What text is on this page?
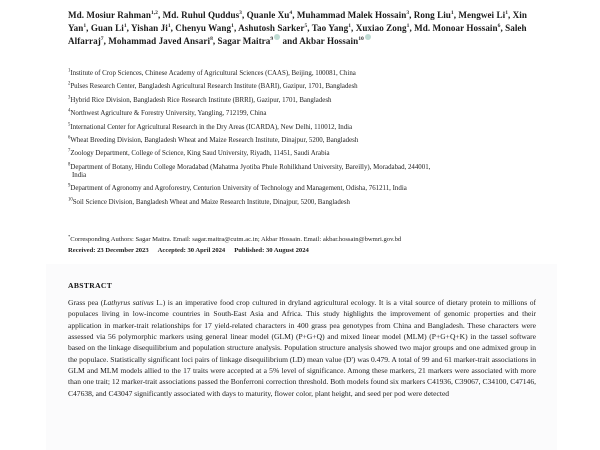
Md. Mosiur Rahman$^{1,2}$, Md. Ruhul Quddus$^3$, Quanle Xu$^4$, Muhammad Malek Hossain$^3$, Rong Liu$^1$, Mengwei Li$^1$, Xin Yan$^1$, Guan Li$^1$, Yishan Ji$^1$, Chenyu Wang$^1$, Ashutosh Sarker$^5$, Tao Yang$^1$, Xuxiao Zong$^1$, Md. Monoar Hossain$^6$, Saleh Alfarraj$^7$, Mohammad Javed Ansari$^8$, Sagar Maitra$^9$ and Akbar Hossain$^{10}$

$^1$Institute of Crop Sciences, Chinese Academy of Agricultural Sciences (CAAS), Beijing, 100081, China

$^2$Pulses Research Center, Bangladesh Agricultural Research Institute (BARI), Gazipur, 1701, Bangladesh

$^3$Hybrid Rice Division, Bangladesh Rice Research Institute (BRRI), Gazipur, 1701, Bangladesh

$^4$Northwest Agriculture & Forestry University, Yangling, 712199, China

$^5$International Center for Agricultural Research in the Dry Areas (ICARDA), New Delhi, 110012, India

$^6$Wheat Breeding Division, Bangladesh Wheat and Maize Research Institute, Dinajpur, 5200, Bangladesh

$^7$Zoology Department, College of Science, King Saud University, Riyadh, 11451, Saudi Arabia

$^8$Department of Botany, Hindu College Moradabad (Mahatma Jyotiba Phule Rohilkhand University, Bareilly), Moradabad, 244001,
India

$^9$Department of Agronomy and Agroforestry, Centurion University of Technology and Management, Odisha, 761211, India

$^{10}$Soil Science Division, Bangladesh Wheat and Maize Research Institute, Dinajpur, 5200, Bangladesh

*Corresponding Authors: Sagar Maitra. Email: sagar.maitra@cutm.ac.in; Akbar Hossain. Email: akbar.hossain@bwmri.gov.bd

Received: 23 December 2023 Accepted: 30 April 2024 Published: 30 August 2024

ABSTRACT
Grass pea (Lathyrus sativus L.) is an imperative food crop cultured in dryland agricultural ecology. It is a vital source of dietary protein to millions of populaces living in low-income countries in South-East Asia and Africa. This study highlights the improvement of genomic properties and their application in marker-trait relationships for 17 yield-related characters in 400 grass pea genotypes from China and Bangladesh. These characters were assessed via 56 polymorphic markers using general linear model (GLM) (P+G+Q) and mixed linear model (MLM) (P+G+Q+K) in the tassel software based on the linkage disequilibrium and population structure analysis. Population structure analysis showed two major groups and one admixed group in the populace. Statistically significant loci pairs of linkage disequilibrium (LD) mean value (D') was 0.479. A total of 99 and 61 marker-trait associations in GLM and MLM models allied to the 17 traits were accepted at a 5% level of significance. Among these markers, 21 markers were associated with more than one trait; 12 marker-trait associations passed the Bonferroni correction threshold. Both models found six markers C41936, C39067, C34100, C47146, C47638, and C43047 significantly associated with days to maturity, flower color, plant height, and seed per pod were detected
